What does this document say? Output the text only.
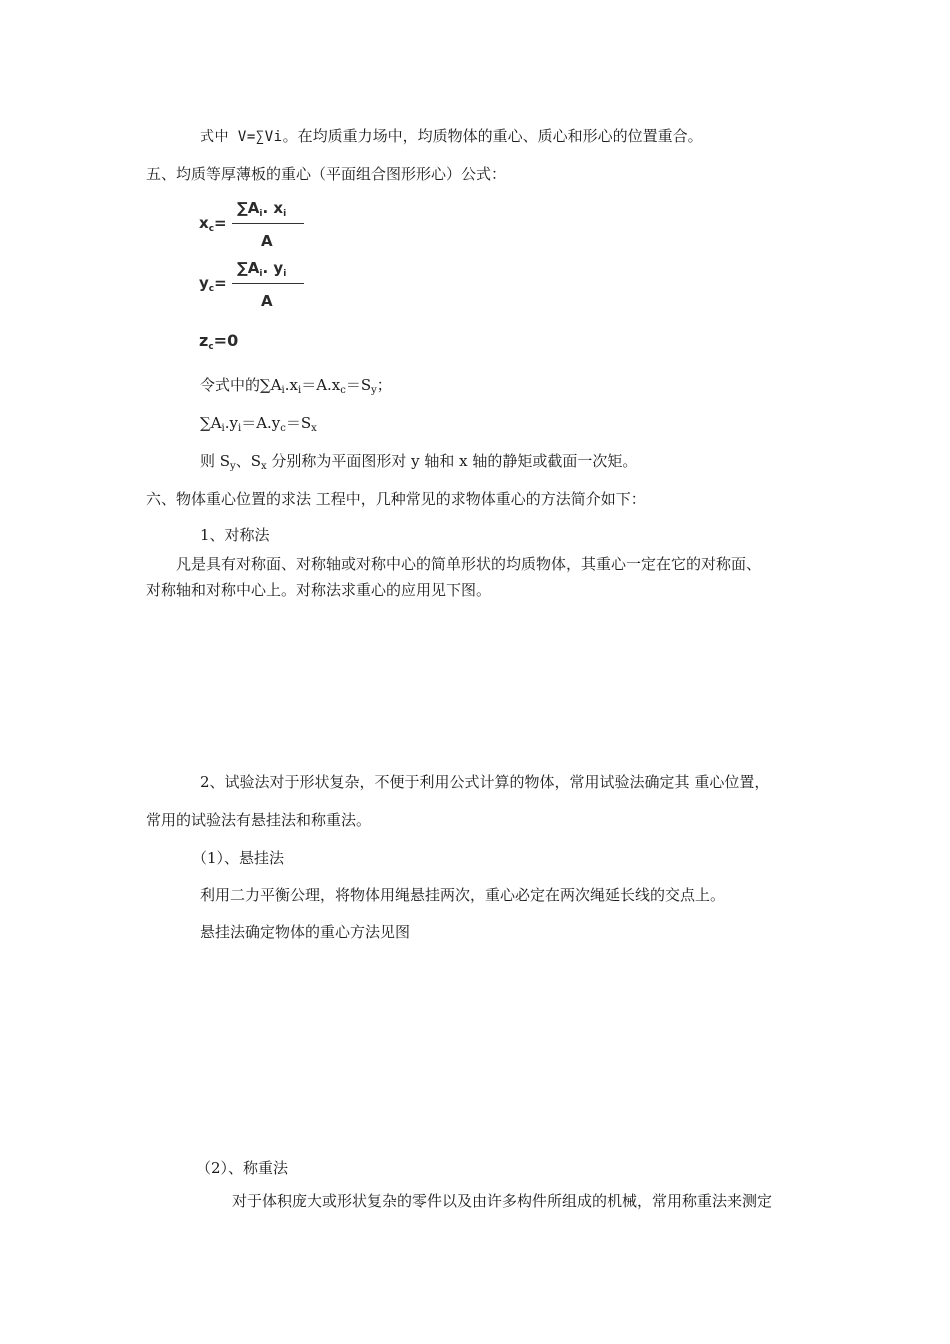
式中 V=∑Vi。在均质重力场中，均质物体的重心、质心和形心的位置重合。
五、均质等厚薄板的重心（平面组合图形形心）公式：
$x_c=$
$\sum A_i$. $x_i$
A
$y_c=$
$\sum A_i$. $y_i$
A
$z_c=0$
令式中的$\sum A_i.x_i=A.x_c=S_y$；
$\sum A_i.y_i=A.y_c=S_x$
则 $S_y$、$S_x$ 分别称为平面图形对 y 轴和 x 轴的静矩或截面一次矩。
六、物体重心位置的求法 工程中，几种常见的求物体重心的方法简介如下：
1、对称法
凡是具有对称面、对称轴或对称中心的简单形状的均质物体，其重心一定在它的对称面、
对称轴和对称中心上。对称法求重心的应用见下图。
2、试验法对于形状复杂，不便于利用公式计算的物体，常用试验法确定其 重心位置，
常用的试验法有悬挂法和称重法。
（1）、悬挂法
利用二力平衡公理，将物体用绳悬挂两次，重心必定在两次绳延长线的交点上。
悬挂法确定物体的重心方法见图
（2）、称重法
对于体积庞大或形状复杂的零件以及由许多构件所组成的机械，常用称重法来测定
